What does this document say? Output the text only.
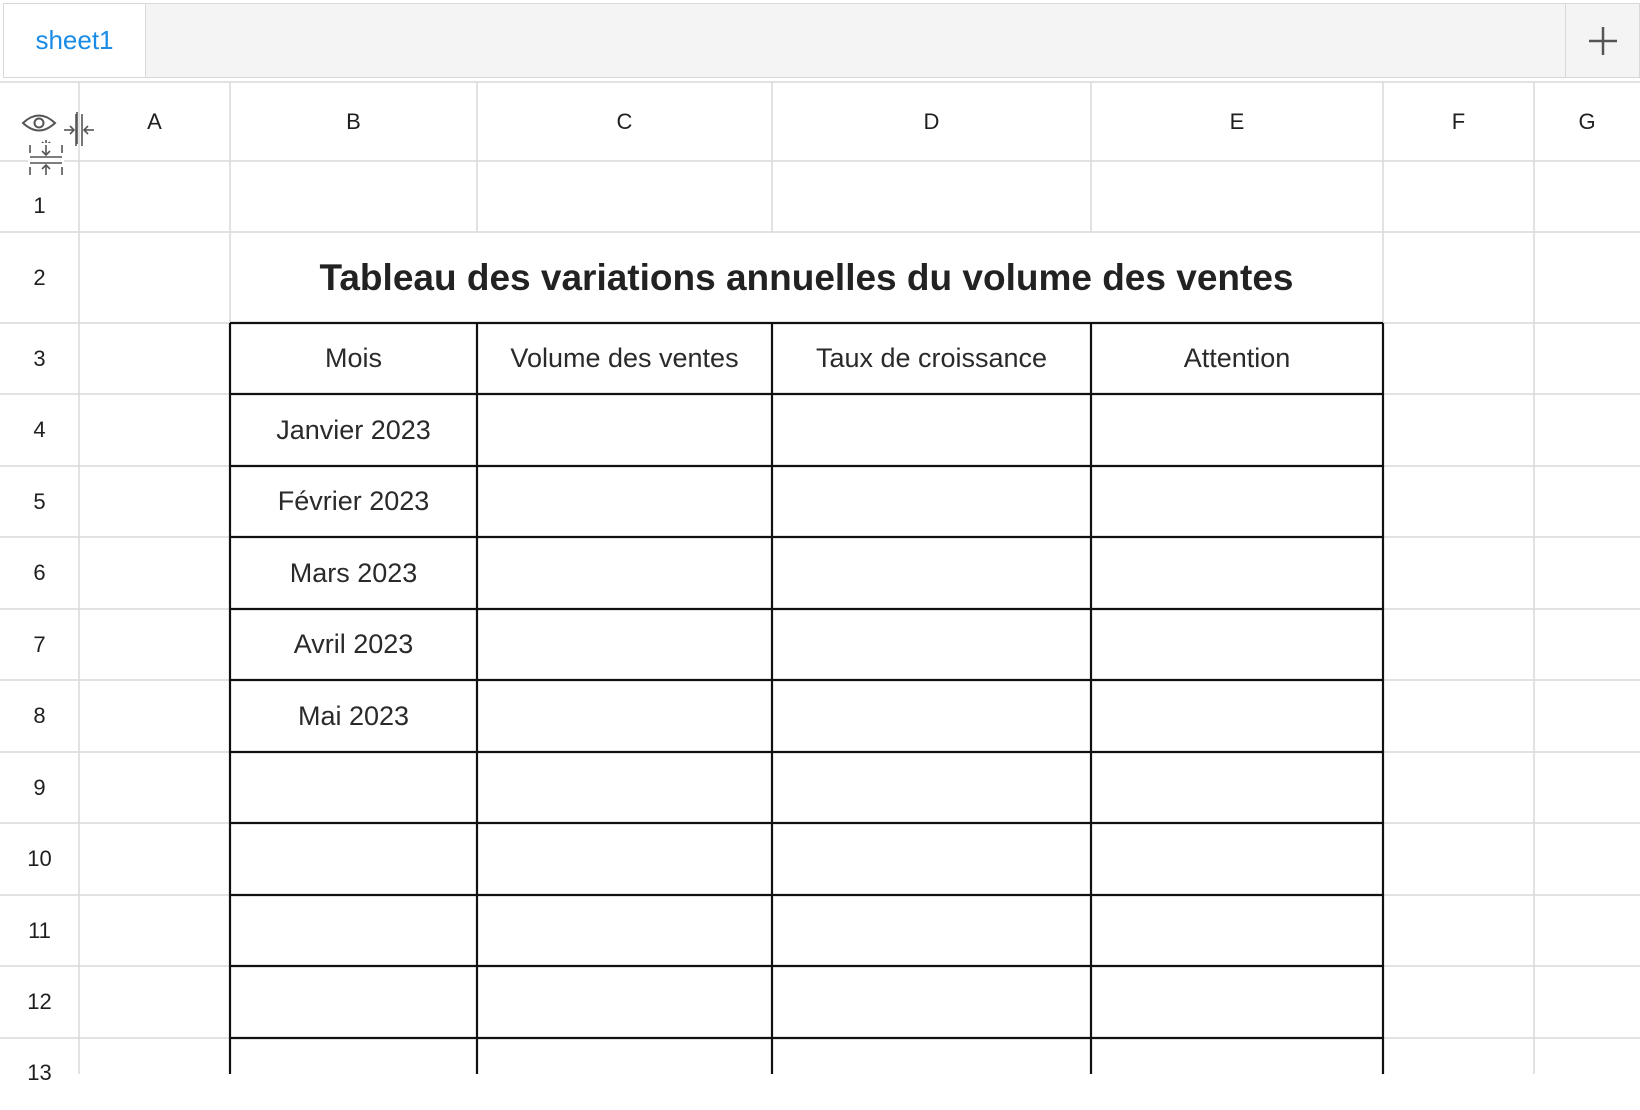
sheet1
A	B	C	D	E	F	G
1
2
3
4
5
6
7
8
9
10
11
12
13
Tableau des variations annuelles du volume des ventes
Mois	Volume des ventes	Taux de croissance	Attention
Janvier 2023
Février 2023
Mars 2023
Avril 2023
Mai 2023
